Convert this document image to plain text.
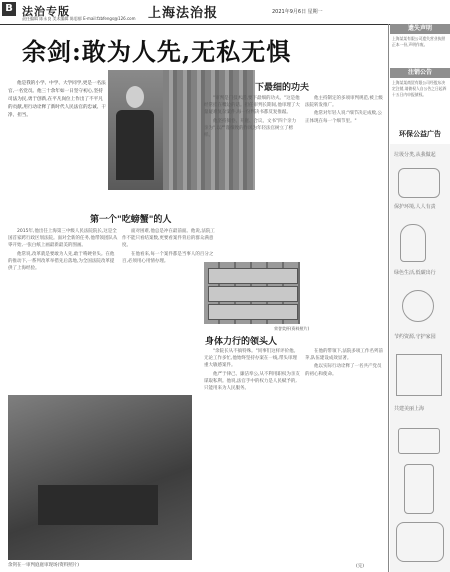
B 法治专版
责任编辑 陈永良 美术编辑 陈思郁 E-mail:fzbfengs@126.com 上海法治报	2021年9月6日 星期一
余剑:敢为人先,无私无惧
他是我的小学、中学、大学同学,更是一名法官,一名党员。他三十余年如一日坚守初心,坚持司法为民,勇于创新,在平凡岗位上作出了不平凡的贡献,用行动诠释了新时代人民法官的忠诚、干净、担当。
第一个"吃螃蟹"的人
下最细的功夫
身体力行的领头人

2015年,他出任上海第三中级人民法院院长,这是全国首家跨行政区划法院。面对全新的任务,他带领团队从零开始,一张白纸上画最新最美的图画。

他常说,改革就是要敢为人先,敢于啃硬骨头。在他的推动下,一系列改革举措先后落地,为全国法院改革提供了上海经验。

面对困难,他总是冲在最前面。他说,法院工作不能只看结案数,更要看案件背后的群众满意度。

在他看来,每一个案件都是当事人的百分之百,必须用心用情办理。

"审判是门技术活,要下最细的功夫。"这是他经常挂在嘴边的话。担任审判长期间,他审理了大量疑难复杂案件,每一份判决书都反复推敲。

他坚持阅卷、开庭、合议、文书"四个亲力亲为",以严谨细致的作风为年轻法官树立了榜样。

他主持制定的多项审判规范,被上级法院转发推广。

他常对年轻人说:"细节决定成败,公正体现在每一个细节里。"

"余院长从不搞特殊。"同事们这样评价他。无论工作多忙,他始终坚持办案在一线,带头审理重大敏感案件。

他严于律己、廉洁奉公,从不利用职权为亲友谋取私利。他说,法官手中的权力是人民赋予的,只能用来为人民服务。

在他的带领下,法院多项工作名列前茅,队伍建设成效显著。

他以实际行动诠释了一名共产党员的初心和使命。

余剑在一审判庭庭审现场(资料照片)
荣誉奖杯(资料照片)
(完)
遗失声明
上海某某有限公司遗失营业执照正本一份,声明作废。
注销公告
上海某某商贸有限公司经股东决定注销,请债权人自公告之日起四十五日内申报债权。
环保公益广告
垃圾分类,从我做起
保护环境,人人有责
绿色生活,低碳出行
节约资源,守护家园
共建美丽上海
